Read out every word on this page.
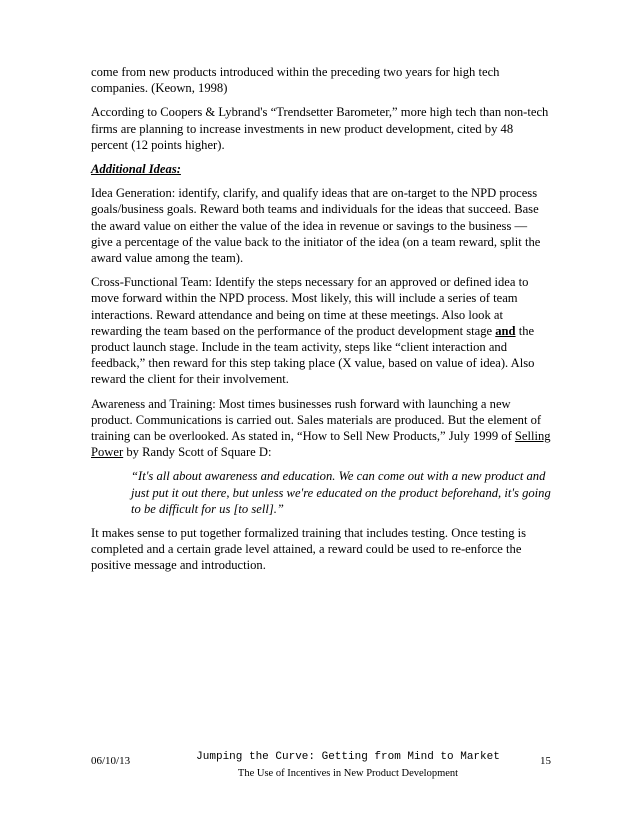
come from new products introduced within the preceding two years for high tech companies. (Keown, 1998)

According to Coopers & Lybrand's “Trendsetter Barometer,” more high tech than non-tech firms are planning to increase investments in new product development, cited by 48 percent (12 points higher).

Additional Ideas:

Idea Generation: identify, clarify, and qualify ideas that are on-target to the NPD process goals/business goals. Reward both teams and individuals for the ideas that succeed. Base the award value on either the value of the idea in revenue or savings to the business — give a percentage of the value back to the initiator of the idea (on a team reward, split the award value among the team).

Cross-Functional Team: Identify the steps necessary for an approved or defined idea to move forward within the NPD process. Most likely, this will include a series of team interactions. Reward attendance and being on time at these meetings. Also look at rewarding the team based on the performance of the product development stage and the product launch stage. Include in the team activity, steps like “client interaction and feedback,” then reward for this step taking place (X value, based on value of idea). Also reward the client for their involvement.

Awareness and Training: Most times businesses rush forward with launching a new product. Communications is carried out. Sales materials are produced. But the element of training can be overlooked. As stated in, “How to Sell New Products,” July 1999 of Selling Power by Randy Scott of Square D:

“It's all about awareness and education. We can come out with a new product and just put it out there, but unless we're educated on the product beforehand, it's going to be difficult for us [to sell].”

It makes sense to put together formalized training that includes testing. Once testing is completed and a certain grade level attained, a reward could be used to re-enforce the positive message and introduction.

06/10/13	Jumping the Curve: Getting from Mind to Market
The Use of Incentives in New Product Development
15
